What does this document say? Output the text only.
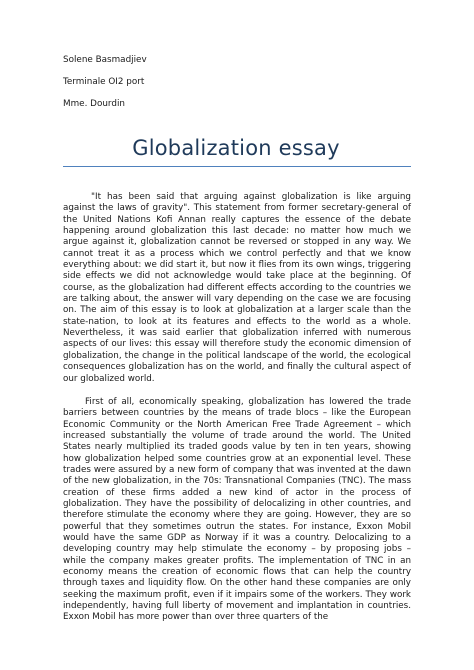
Solene Basmadjiev

Terminale OI2 port

Mme. Dourdin

Globalization essay

"It has been said that arguing against globalization is like arguing against the laws of gravity". This statement from former secretary-general of the United Nations Kofi Annan really captures the essence of the debate happening around globalization this last decade: no matter how much we argue against it, globalization cannot be reversed or stopped in any way. We cannot treat it as a process which we control perfectly and that we know everything about: we did start it, but now it flies from its own wings, triggering side effects we did not acknowledge would take place at the beginning. Of course, as the globalization had different effects according to the countries we are talking about, the answer will vary depending on the case we are focusing on. The aim of this essay is to look at globalization at a larger scale than the state-nation, to look at its features and effects to the world as a whole. Nevertheless, it was said earlier that globalization inferred with numerous aspects of our lives: this essay will therefore study the economic dimension of globalization, the change in the political landscape of the world, the ecological consequences globalization has on the world, and finally the cultural aspect of our globalized world.

First of all, economically speaking, globalization has lowered the trade barriers between countries by the means of trade blocs – like the European Economic Community or the North American Free Trade Agreement – which increased substantially the volume of trade around the world. The United States nearly multiplied its traded goods value by ten in ten years, showing how globalization helped some countries grow at an exponential level. These trades were assured by a new form of company that was invented at the dawn of the new globalization, in the 70s: Transnational Companies (TNC). The mass creation of these firms added a new kind of actor in the process of globalization. They have the possibility of delocalizing in other countries, and therefore stimulate the economy where they are going. However, they are so powerful that they sometimes outrun the states. For instance, Exxon Mobil would have the same GDP as Norway if it was a country. Delocalizing to a developing country may help stimulate the economy – by proposing jobs – while the company makes greater profits. The implementation of TNC in an economy means the creation of economic flows that can help the country through taxes and liquidity flow. On the other hand these companies are only seeking the maximum profit, even if it impairs some of the workers. They work independently, having full liberty of movement and implantation in countries. Exxon Mobil has more power than over three quarters of the
